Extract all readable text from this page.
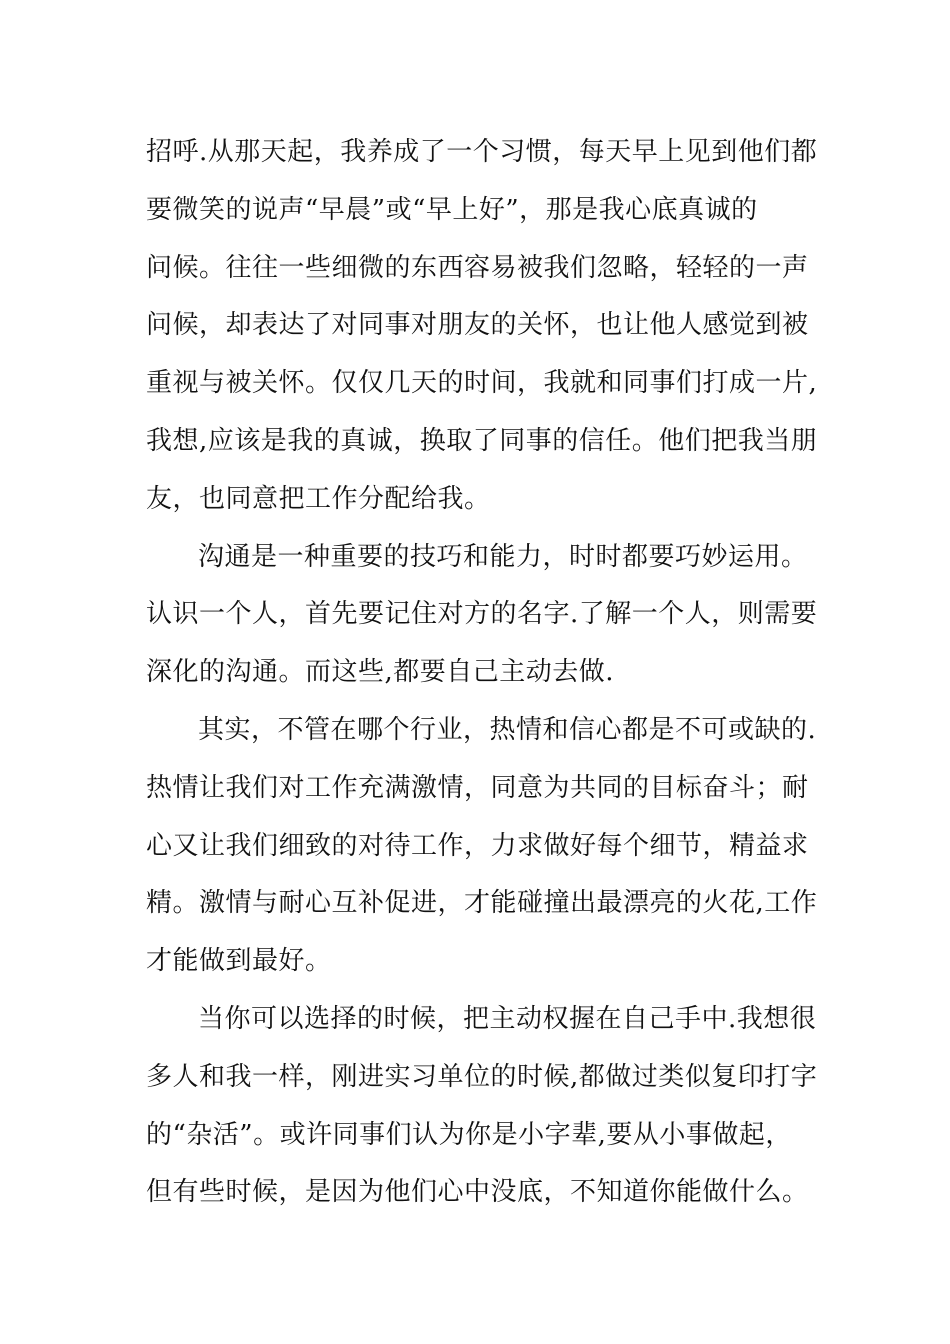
招呼.从那天起，我养成了一个习惯，每天早上见到他们都
要微笑的说声“早晨”或“早上好”，那是我心底真诚的
问候。往往一些细微的东西容易被我们忽略，轻轻的一声
问候，却表达了对同事对朋友的关怀，也让他人感觉到被
重视与被关怀。仅仅几天的时间，我就和同事们打成一片,
我想,应该是我的真诚，换取了同事的信任。他们把我当朋
友，也同意把工作分配给我。

沟通是一种重要的技巧和能力，时时都要巧妙运用。
认识一个人，首先要记住对方的名字.了解一个人，则需要
深化的沟通。而这些,都要自己主动去做.

其实，不管在哪个行业，热情和信心都是不可或缺的.
热情让我们对工作充满激情，同意为共同的目标奋斗；耐
心又让我们细致的对待工作，力求做好每个细节，精益求
精。激情与耐心互补促进，才能碰撞出最漂亮的火花,工作
才能做到最好。

当你可以选择的时候，把主动权握在自己手中.我想很
多人和我一样，刚进实习单位的时候,都做过类似复印打字
的“杂活”。或许同事们认为你是小字辈,要从小事做起，
但有些时候，是因为他们心中没底，不知道你能做什么。
